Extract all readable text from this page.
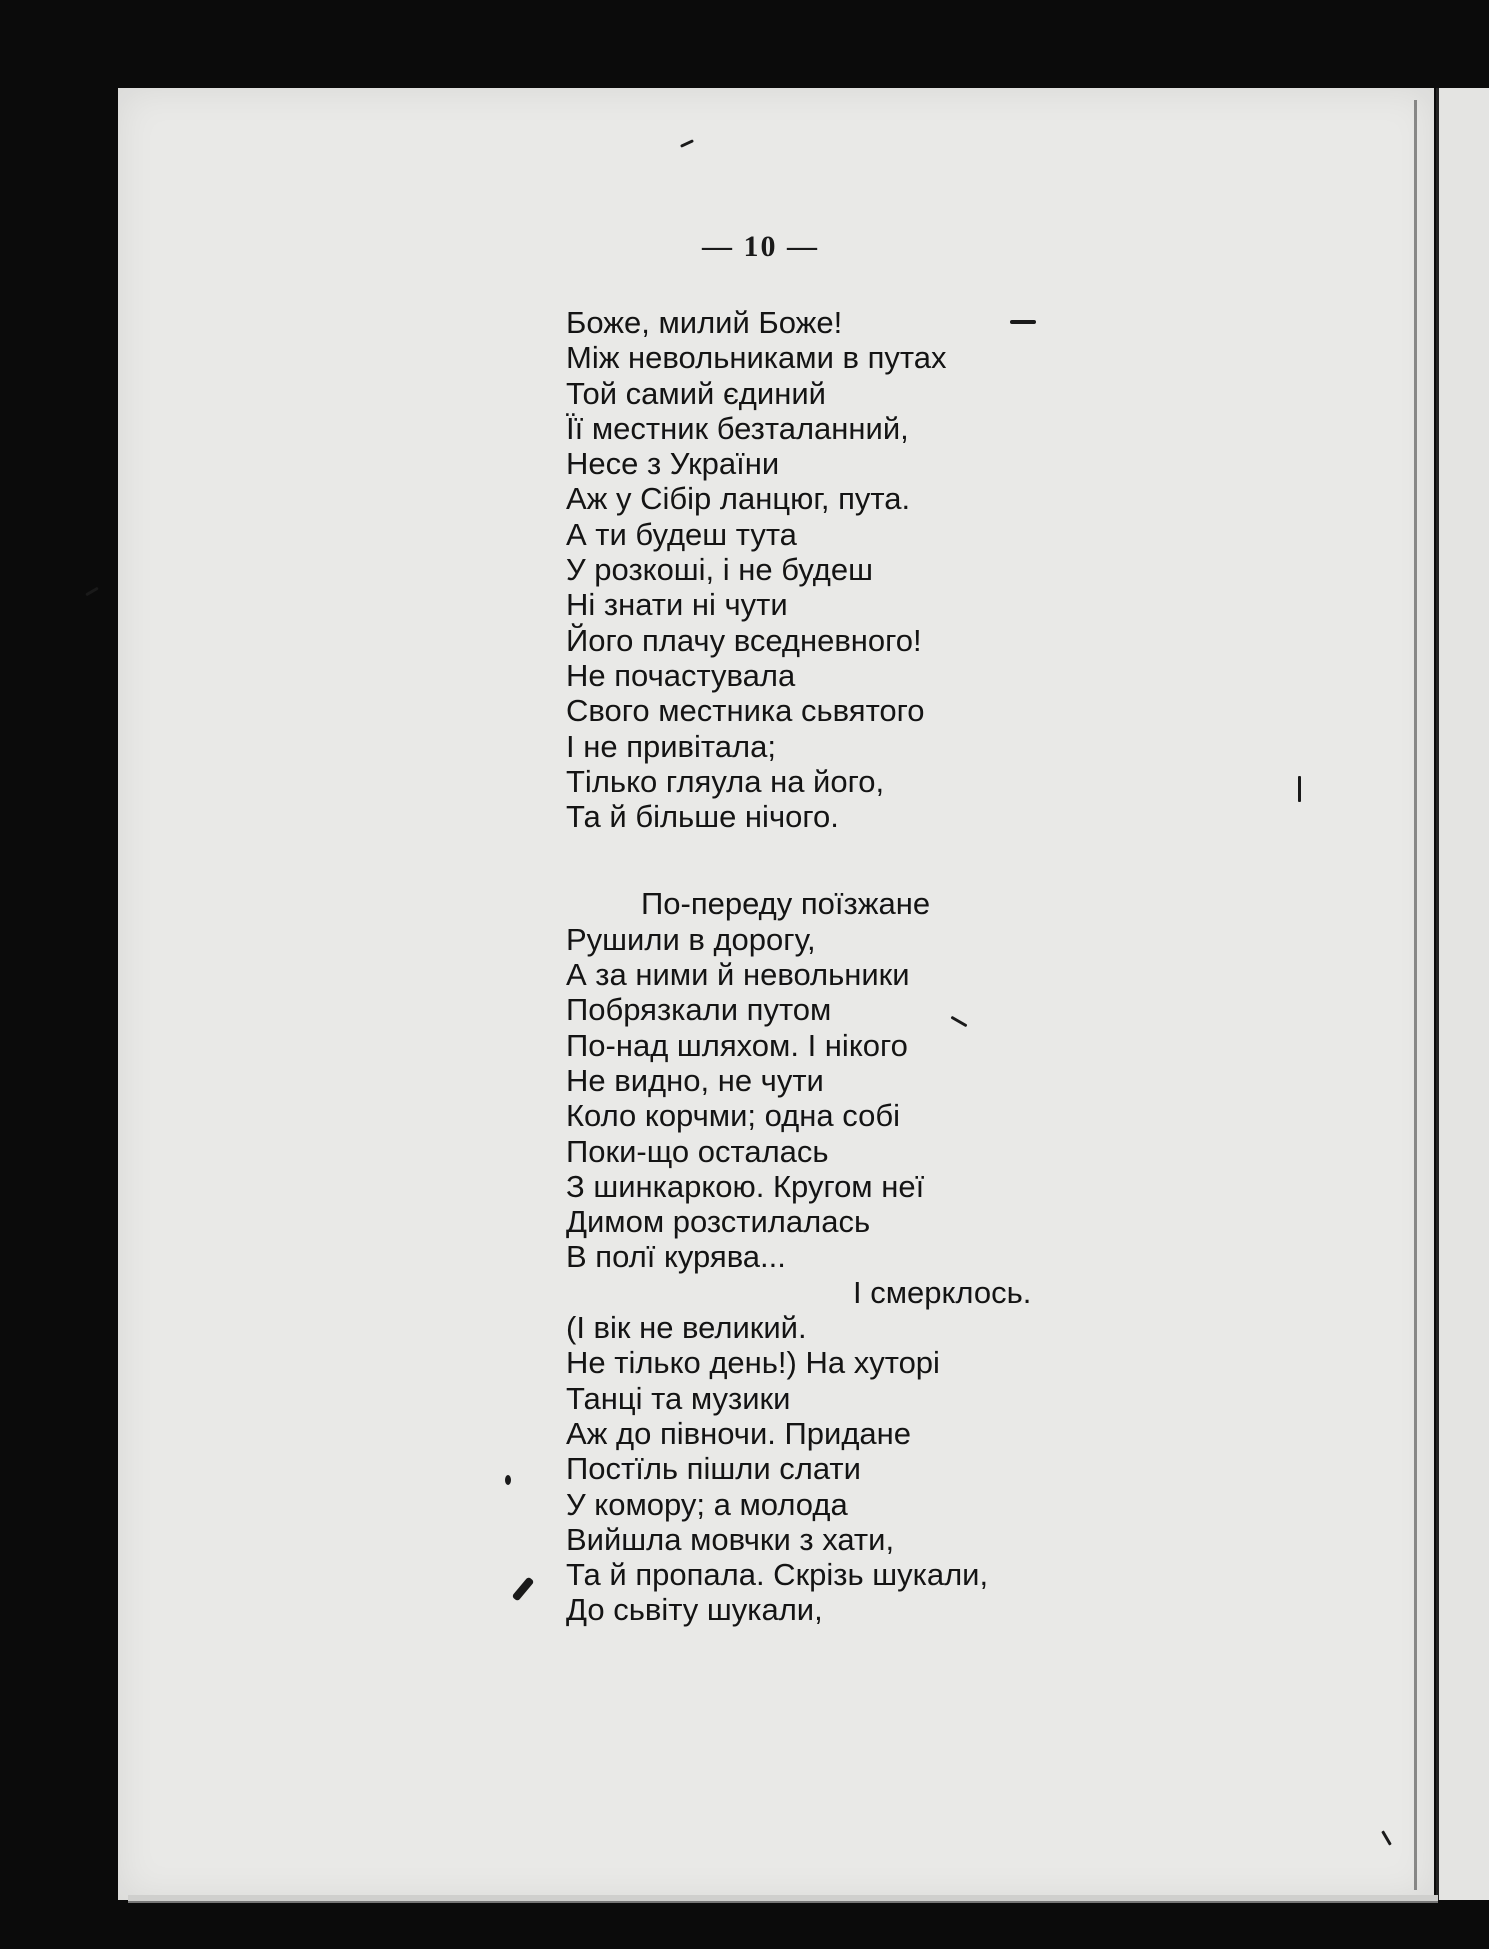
— 10 —
Боже, милий Боже!
Між невольниками в путах
Той самий єдиний
Її местник безталанний,
Несе з України
Аж у Сібір ланцюг, пута.
А ти будеш тута
У розкоші, і не будеш
Ні знати ні чути
Його плачу вседневного!
Не почастувала
Свого местника сьвятого
І не привітала;
Тілько гляула на його,
Та й більше нічого.
По-переду поїзжане
Рушили в дорогу,
А за ними й невольники
Побрязкали путом
По-над шляхом. І нікого
Не видно, не чути
Коло корчми; одна собі
Поки-що осталась
З шинкаркою. Кругом неї
Димом розстилалась
В полї курява...
І смерклось.
(І вік не великий.
Не тілько день!) На хуторі
Танці та музики
Аж до півночи. Придане
Постїль пішли слати
У комору; а молода
Вийшла мовчки з хати,
Та й пропала. Скрізь шукали,
До сьвіту шукали,
